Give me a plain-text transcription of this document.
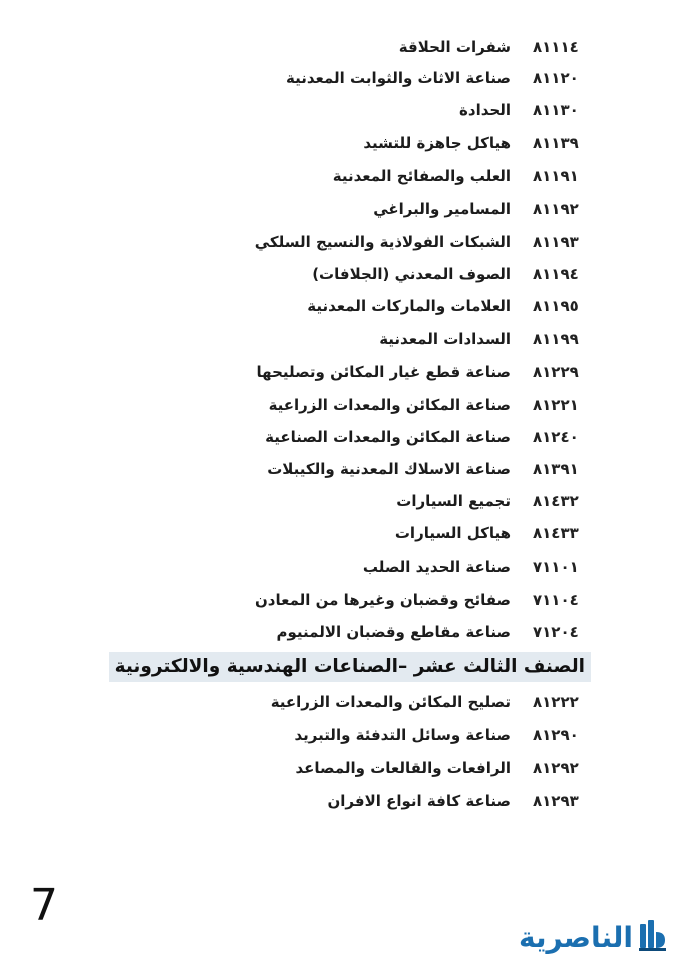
٨١١١٤
شفرات الحلاقة
٨١١٢٠
صناعة الاثاث والثوابت المعدنية
٨١١٣٠
الحدادة
٨١١٣٩
هياكل جاهزة للتشيد
٨١١٩١
العلب والصفائح المعدنية
٨١١٩٢
المسامير والبراغي
٨١١٩٣
الشبكات الفولاذية والنسيج السلكي
٨١١٩٤
الصوف المعدني (الجلافات)
٨١١٩٥
العلامات والماركات المعدنية
٨١١٩٩
السدادات المعدنية
٨١٢٢٩
صناعة قطع غيار المكائن وتصليحها
٨١٢٢١
صناعة المكائن والمعدات الزراعية
٨١٢٤٠
صناعة المكائن والمعدات الصناعية
٨١٣٩١
صناعة الاسلاك المعدنية والكيبلات
٨١٤٣٢
تجميع السيارات
٨١٤٣٣
هياكل السيارات
٧١١٠١
صناعة الحديد الصلب
٧١١٠٤
صفائح وقضبان وغيرها من المعادن
٧١٢٠٤
صناعة مقاطع وقضبان الالمنيوم
الصنف الثالث عشر –الصناعات الهندسية والالكترونية
٨١٢٢٢
تصليح المكائن والمعدات الزراعية
٨١٢٩٠
صناعة وسائل التدفئة والتبريد
٨١٢٩٢
الرافعات والقالعات والمصاعد
٨١٢٩٣
صناعة كافة انواع الافران
7
الناصرية
